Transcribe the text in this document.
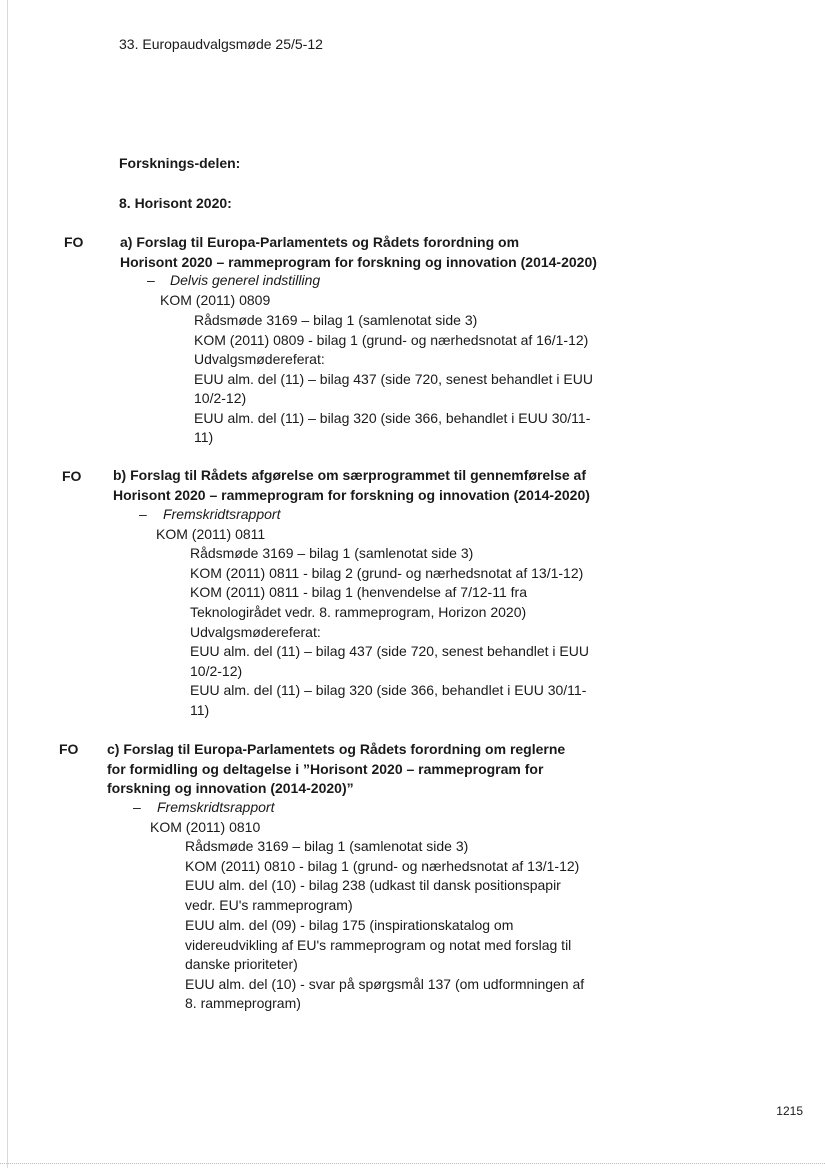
33. Europaudvalgsmøde 25/5-12
Forsknings-delen:
8. Horisont 2020:
FO	a) Forslag til Europa-Parlamentets og Rådets forordning om
Horisont 2020 – rammeprogram for forskning og innovation (2014-2020)
– Delvis generel indstilling
KOM (2011) 0809
Rådsmøde 3169 – bilag 1 (samlenotat side 3)
KOM (2011) 0809 - bilag 1 (grund- og nærhedsnotat af 16/1-12)
Udvalgsmødereferat:
EUU alm. del (11) – bilag 437 (side 720, senest behandlet i EUU
10/2-12)
EUU alm. del (11) – bilag 320 (side 366, behandlet i EUU 30/11-
11)
FO b) Forslag til Rådets afgørelse om særprogrammet til gennemførelse af
Horisont 2020 – rammeprogram for forskning og innovation (2014-2020)
– Fremskridtsrapport
KOM (2011) 0811
Rådsmøde 3169 – bilag 1 (samlenotat side 3)
KOM (2011) 0811 - bilag 2 (grund- og nærhedsnotat af 13/1-12)
KOM (2011) 0811 - bilag 1 (henvendelse af 7/12-11 fra
Teknologirådet vedr. 8. rammeprogram, Horizon 2020)
Udvalgsmødereferat:
EUU alm. del (11) – bilag 437 (side 720, senest behandlet i EUU
10/2-12)
EUU alm. del (11) – bilag 320 (side 366, behandlet i EUU 30/11-
11)
FO c) Forslag til Europa-Parlamentets og Rådets forordning om reglerne
for formidling og deltagelse i ”Horisont 2020 – rammeprogram for
forskning og innovation (2014-2020)”
– Fremskridtsrapport
KOM (2011) 0810
Rådsmøde 3169 – bilag 1 (samlenotat side 3)
KOM (2011) 0810 - bilag 1 (grund- og nærhedsnotat af 13/1-12)
EUU alm. del (10) - bilag 238 (udkast til dansk positionspapir
vedr. EU's rammeprogram)
EUU alm. del (09) - bilag 175 (inspirationskatalog om
videreudvikling af EU's rammeprogram og notat med forslag til
danske prioriteter)
EUU alm. del (10) - svar på spørgsmål 137 (om udformningen af
8. rammeprogram)
1215
